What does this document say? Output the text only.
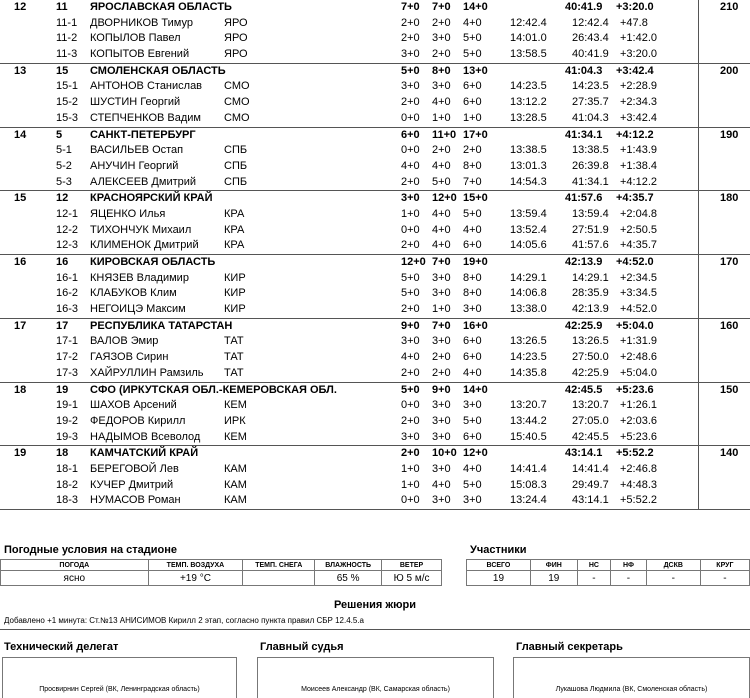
12	11 ЯРОСЛАВСКАЯ ОБЛАСТЬ	7+0 7+0 14+0	40:41.9 +3:20.0	210
11-1 ДВОРНИКОВ Тимур	ЯРО	2+0 2+0 4+0	12:42.4 12:42.4 +47.8
11-2 КОПЫЛОВ Павел	ЯРО	2+0 3+0 5+0	14:01.0 26:43.4 +1:42.0
11-3 КОПЫТОВ Евгений	ЯРО	3+0 2+0 5+0	13:58.5 40:41.9 +3:20.0
13	15 СМОЛЕНСКАЯ ОБЛАСТЬ	5+0 8+0 13+0	41:04.3 +3:42.4	200
15-1 АНТОНОВ Станислав СМО	3+0 3+0 6+0	14:23.5 14:23.5 +2:28.9
15-2 ШУСТИН Георгий	СМО	2+0 4+0 6+0	13:12.2 27:35.7 +2:34.3
15-3 СТЕПЧЕНКОВ Вадим СМО	0+0 1+0 1+0	13:28.5 41:04.3 +3:42.4
14	5	САНКТ-ПЕТЕРБУРГ	6+0 11+0 17+0	41:34.1 +4:12.2	190
5-1 ВАСИЛЬЕВ Остап	СПБ	0+0 2+0 2+0	13:38.5 13:38.5 +1:43.9
5-2 АНУЧИН Георгий	СПБ	4+0 4+0 8+0	13:01.3 26:39.8 +1:38.4
5-3 АЛЕКСЕЕВ Дмитрий	СПБ	2+0 5+0 7+0	14:54.3 41:34.1 +4:12.2
15	12 КРАСНОЯРСКИЙ КРАЙ	3+0 12+0 15+0	41:57.6 +4:35.7	180
12-1 ЯЦЕНКО Илья	КРА	1+0 4+0 5+0	13:59.4 13:59.4 +2:04.8
12-2 ТИХОНЧУК Михаил	КРА	0+0 4+0 4+0	13:52.4 27:51.9 +2:50.5
12-3 КЛИМЕНОК Дмитрий КРА	2+0 4+0 6+0	14:05.6 41:57.6 +4:35.7
16	16 КИРОВСКАЯ ОБЛАСТЬ	12+0 7+0 19+0	42:13.9 +4:52.0	170
16-1 КНЯЗЕВ Владимир	КИР	5+0 3+0 8+0	14:29.1 14:29.1 +2:34.5
16-2 КЛАБУКОВ Клим	КИР	5+0 3+0 8+0	14:06.8 28:35.9 +3:34.5
16-3 НЕГОИЦЭ Максим	КИР	2+0 1+0 3+0	13:38.0 42:13.9 +4:52.0
17	17 РЕСПУБЛИКА ТАТАРСТАН	9+0 7+0 16+0	42:25.9 +5:04.0	160
17-1 ВАЛОВ Эмир	ТАТ	3+0 3+0 6+0	13:26.5 13:26.5 +1:31.9
17-2 ГАЯЗОВ Сирин	ТАТ	4+0 2+0 6+0	14:23.5 27:50.0 +2:48.6
17-3 ХАЙРУЛЛИН Рамзиль ТАТ	2+0 2+0 4+0	14:35.8 42:25.9 +5:04.0
18	19 СФО (ИРКУТСКАЯ ОБЛ.-КЕМЕРОВСКАЯ ОБЛ.	5+0 9+0 14+0	42:45.5 +5:23.6	150
19-1 ШАХОВ Арсений	КЕМ	0+0 3+0 3+0	13:20.7 13:20.7 +1:26.1
19-2 ФЕДОРОВ Кирилл	ИРК	2+0 3+0 5+0	13:44.2 27:05.0 +2:03.6
19-3 НАДЫМОВ Всеволод КЕМ	3+0 3+0 6+0	15:40.5 42:45.5 +5:23.6
19	18 КАМЧАТСКИЙ КРАЙ	2+0 10+0 12+0	43:14.1 +5:52.2	140
18-1 БЕРЕГОВОЙ Лев	КАМ	1+0 3+0 4+0	14:41.4 14:41.4 +2:46.8
18-2 КУЧЕР Дмитрий	КАМ	1+0 4+0 5+0	15:08.3 29:49.7 +4:48.3
18-3 НУМАСОВ Роман	КАМ	0+0 3+0 3+0	13:24.4 43:14.1 +5:52.2
Погодные условия на стадионе
ПОГОДА	ТЕМП. ВОЗДУХА	ТЕМП. СНЕГА	ВЛАЖНОСТЬ	ВЕТЕР
ясно	+19 °C		65 %	Ю 5 м/с
Участники
ВСЕГО	ФИН	НС	НФ	ДСКВ	КРУГ
19	19	-	-	-	-
Решения жюри
Добавлено +1 минута: Ст.№13 АНИСИМОВ Кирилл 2 этап, согласно пункта правил СБР 12.4.5.а
Технический делегат	Главный судья	Главный секретарь
Просвирнин Сергей (ВК, Ленинградская область)	Моисеев Александр (ВК, Самарская область)	Лукашова Людмила (ВК, Смоленская область)
